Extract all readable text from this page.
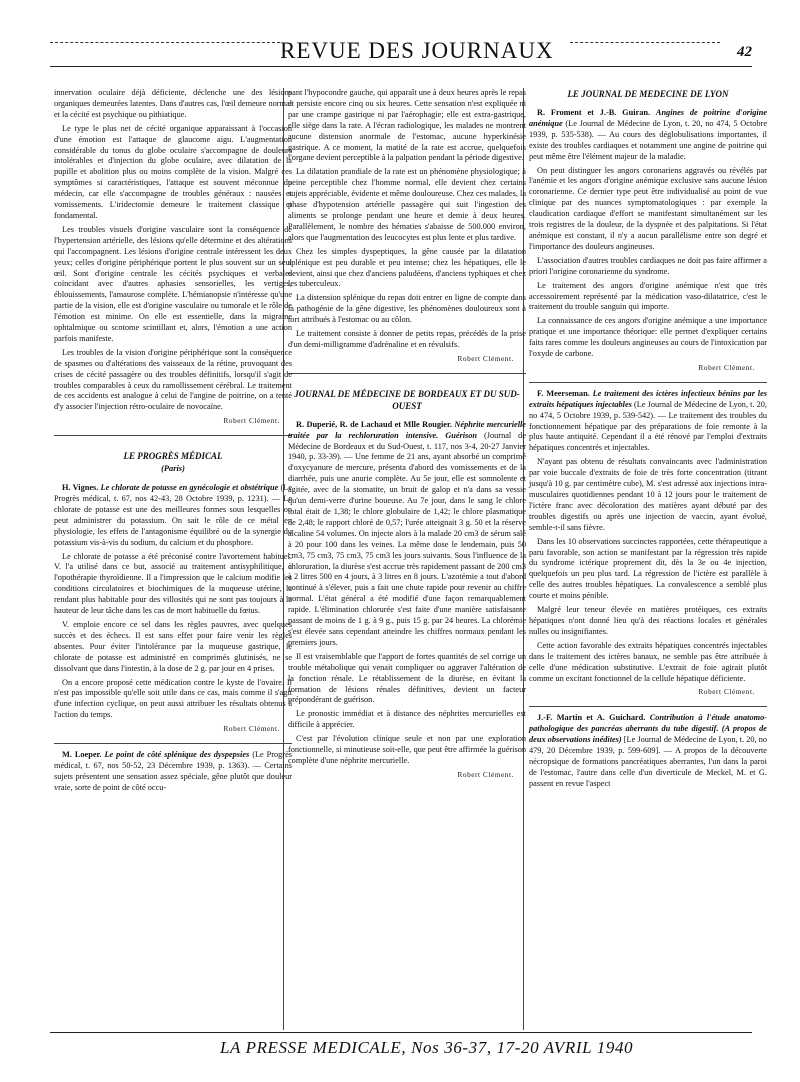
REVUE DES JOURNAUX	42

innervation oculaire déjà déficiente, déclenche une des lésions organiques demeurées latentes. Dans d'autres cas, l'œil demeure normal et la cécité est psychique ou pithiatique.

Le type le plus net de cécité organique apparaissant à l'occasion d'une émotion est l'attaque de glaucome aigu. L'augmentation considérable du tonus du globe oculaire s'accompagne de douleurs intolérables et d'injection du globe oculaire, avec dilatation de la pupille et abolition plus ou moins complète de la vision. Malgré ces symptômes si caractéristiques, l'attaque est souvent méconnue du médecin, car elle s'accompagne de troubles généraux : nausées et vomissements. L'iridectomie demeure le traitement classique et fondamental.

Les troubles visuels d'origine vasculaire sont la conséquence de l'hypertension artérielle, des lésions qu'elle détermine et des altérations qui l'accompagnent. Les lésions d'origine centrale intéressent les deux yeux; celles d'origine périphérique portent le plus souvent sur un seul œil. Sont d'origine centrale les cécités psychiques et verbales coïncidant avec d'autres aphasies sensorielles, les vertiges, éblouissements, l'amaurose complète. L'hémianopsie n'intéresse qu'une partie de la vision, elle est d'origine vasculaire ou tumorale et le rôle de l'émotion est minime. On elle est essentielle, dans la migraine ophtalmique ou scotome scintillant et, alors, l'émotion a une action parfois manifeste.

Les troubles de la vision d'origine périphérique sont la conséquence de spasmes ou d'altérations des vaisseaux de la rétine, provoquant des crises de cécité passagère ou des troubles définitifs, lorsqu'il s'agit de troubles comparables à ceux du ramollissement cérébral. Le traitement de ces accidents est analogue à celui de l'angine de poitrine, on a tenté d'y associer l'injection rétro-oculaire de novocaïne.

Robert Clément.
LE PROGRÈS MÉDICAL
(Paris)

H. Vignes. Le chlorate de potasse en gynécologie et obstétrique (Le Progrès médical, t. 67, nos 42-43, 28 Octobre 1939, p. 1231). — Le chlorate de potasse est une des meilleures formes sous lesquelles on peut administrer du potassium. On sait le rôle de ce métal en physiologie, les effets de l'antagonisme équilibré ou de la synergie du potassium vis-à-vis du sodium, du calcium et du phosphore.

Le chlorate de potasse a été préconisé contre l'avortement habituel. V. l'a utilisé dans ce but, associé au traitement antisyphilitique, à l'opothérapie thyroïdienne. Il a l'impression que le calcium modifie les conditions circulatoires et biochimiques de la muqueuse utérine, la rendant plus habitable pour des villosités qui ne sont pas toujours à la hauteur de leur tâche dans les cas de mort habituelle du fœtus.

V. emploie encore ce sel dans les règles pauvres, avec quelques succès et des échecs. Il est sans effet pour faire venir les règles absentes. Pour éviter l'intolérance par la muqueuse gastrique, le chlorate de potasse est administré en comprimés glutinisés, ne se dissolvant que dans l'intestin, à la dose de 2 g. par jour en 4 prises.

On a encore proposé cette médication contre le kyste de l'ovaire. Il n'est pas impossible qu'elle soit utile dans ce cas, mais comme il s'agit d'une infection cyclique, on peut aussi attribuer les résultats obtenus à l'action du temps.

Robert Clément.

M. Loeper. Le point de côté splénique des dyspepsies (Le Progrès médical, t. 67, nos 50-52, 23 Décembre 1939, p. 1363). — Certains sujets présentent une sensation assez spéciale, gêne plutôt que douleur vraie, sorte de point de côté occu-

pant l'hypocondre gauche, qui apparaît une à deux heures après le repas et persiste encore cinq ou six heures. Cette sensation n'est expliquée ni par une crampe gastrique ni par l'aérophagie; elle est extra-gastrique, elle siège dans la rate. A l'écran radiologique, les malades ne montrent aucune distension anormale de l'estomac, aucune hyperkinésie gastrique. A ce moment, la matité de la rate est accrue, quelquefois l'organe devient perceptible à la palpation pendant la période digestive.

La dilatation prandiale de la rate est un phénomène physiologique; à peine perceptible chez l'homme normal, elle devient chez certains sujets appréciable, évidente et même douloureuse. Chez ces malades, la phase d'hypotension artérielle passagère qui suit l'ingestion des aliments se prolonge pendant une heure et demie à deux heures. Parallèlement, le nombre des hématies s'abaisse de 500.000 environ, alors que l'augmentation des leucocytes est plus lente et plus tardive.

Chez les simples dyspeptiques, la gêne causée par la dilatation splénique est peu durable et peu intense; chez les hépatiques, elle le devient, ainsi que chez d'anciens paludéens, d'anciens typhiques et chez les tuberculeux.

La distension splénique du repas doit entrer en ligne de compte dans la pathogénie de la gêne digestive, les phénomènes douloureux sont à tort attribués à l'estomac ou au côlon.

Le traitement consiste à donner de petits repas, précédés de la prise d'un demi-milligramme d'adrénaline et en révulsifs.

Robert Clément.
JOURNAL DE MÉDECINE DE BORDEAUX ET DU SUD-OUEST

R. Duperié, R. de Lachaud et Mlle Rougier. Néphrite mercurielle traitée par la rechloruration intensive. Guérison (Journal de Médecine de Bordeaux et du Sud-Ouest, t. 117, nos 3-4, 20-27 Janvier 1940, p. 33-39). — Une femme de 21 ans, ayant absorbé un comprimé d'oxycyanure de mercure, présenta d'abord des vomissements et de la diarrhée, puis une anurie complète. Au 5e jour, elle est somnolente et agitée, avec de la stomatite, un bruit de galop et n'a dans sa vessie qu'un demi-verre d'urine boueuse. Au 7e jour, dans le sang le chlore total était de 1,38; le chlore globulaire de 1,42; le chlore plasmatique de 2,48; le rapport chloré de 0,57; l'urée atteignait 3 g. 50 et la réserve alcaline 54 volumes. On injecte alors à la malade 20 cm3 de sérum salé à 20 pour 100 dans les veines. La même dose le lendemain, puis 50 cm3, 75 cm3, 75 cm3, 75 cm3 les jours suivants. Sous l'influence de la chloruration, la diurèse s'est accrue très rapidement passant de 200 cm3 à 2 litres 500 en 4 jours, à 3 litres en 8 jours. L'azotémie a tout d'abord continué à s'élever, puis a fait une chute rapide pour revenir au chiffre normal. L'état général a été modifié d'une façon remarquablement rapide. L'élimination chlorurée s'est faite d'une manière satisfaisante passant de moins de 1 g. à 9 g., puis 15 g. par 24 heures. La chlorémie s'est élevée sans cependant atteindre les chiffres normaux pendant les premiers jours.

Il est vraisemblable que l'apport de fortes quantités de sel corrige un trouble métabolique qui venait compliquer ou aggraver l'altération de la fonction rénale. Le rétablissement de la diurèse, en évitant la formation de lésions rénales définitives, devient un facteur prépondérant de guérison.

Le pronostic immédiat et à distance des néphrites mercurielles est difficile à apprécier.

C'est par l'évolution clinique seule et non par une exploration fonctionnelle, si minutieuse soit-elle, que peut être affirmée la guérison complète d'une néphrite mercurielle.

Robert Clément.
LE JOURNAL DE MEDECINE DE LYON

R. Froment et J.-B. Guiran. Angines de poitrine d'origine anémique (Le Journal de Médecine de Lyon, t. 20, no 474, 5 Octobre 1939, p. 535-538). — Au cours des déglobulisations importantes, il existe des troubles cardiaques et notamment une angine de poitrine qui peut même être l'élément majeur de la maladie.

On peut distinguer les angors coronariens aggravés ou révélés par l'anémie et les angors d'origine anémique exclusive sans aucune lésion coronarienne. Ce dernier type peut être individualisé au point de vue clinique par des nuances symptomatologiques : par exemple la claudication cardiaque d'effort se manifestant simultanément sur les trois registres de la douleur, de la dyspnée et des palpitations. Si l'état anémique est constant, il n'y a aucun parallélisme entre son degré et l'importance des douleurs angineuses.

L'association d'autres troubles cardiaques ne doit pas faire affirmer a priori l'origine coronarienne du syndrome.

Le traitement des angors d'origine anémique n'est que très accessoirement représenté par la médication vaso-dilatatrice, c'est le traitement du trouble sanguin qui importe.

La connaissance de ces angors d'origine anémique a une importance pratique et une importance théorique: elle permet d'expliquer certains faits rares comme les douleurs angineuses au cours de l'intoxication par l'oxyde de carbone.

Robert Clément.

F. Meerseman. Le traitement des ictères infectieux bénins par les extraits hépatiques injectables (Le Journal de Médecine de Lyon, t. 20, no 474, 5 Octobre 1939, p. 539-542). — Le traitement des troubles du fonctionnement hépatique par des préparations de foie remonte à la plus haute antiquité. Cependant il a été rénové par l'emploi d'extraits hépatiques concentrés et injectables.

N'ayant pas obtenu de résultats convaincants avec l'administration par voie buccale d'extraits de foie de très forte concentration (titrant jusqu'à 10 g. par centimètre cube), M. s'est adressé aux injections intra-musculaires quotidiennes pendant 10 à 12 jours pour le traitement de l'ictère franc avec décoloration des matières ayant débuté par des troubles digestifs ou après une injection de vaccin, ayant évolué, semble-t-il sans fièvre.

Dans les 10 observations succinctes rapportées, cette thérapeutique a paru favorable, son action se manifestant par la régression très rapide du syndrome ictérique proprement dit, dès la 3e ou 4e injection, quelquefois un peu plus tard. La régression de l'ictère est parallèle à celle des autres troubles hépatiques. La convalescence a semblé plus courte et moins pénible.

Malgré leur teneur élevée en matières protéiques, ces extraits hépatiques n'ont donné lieu qu'à des réactions locales et générales nulles ou insignifiantes.

Cette action favorable des extraits hépatiques concentrés injectables dans le traitement des ictères banaux, ne semble pas être attribuée à celle d'une médication substitutive. L'extrait de foie agirait plutôt comme un excitant fonctionnel de la cellule hépatique déficiente.

Robert Clément.

J.-F. Martin et A. Guichard. Contribution à l'étude anatomo-pathologique des pancréas aberrants du tube digestif. (A propos de deux observations inédites) [Le Journal de Médecine de Lyon, t. 20, no 479, 20 Décembre 1939, p. 599-609]. — A propos de la découverte nécropsique de formations pancréatiques aberrantes, l'un dans la paroi de l'estomac, l'autre dans celle d'un diverticule de Meckel, M. et G. passent en revue l'aspect

LA PRESSE MEDICALE, Nos 36-37, 17-20 AVRIL 1940
